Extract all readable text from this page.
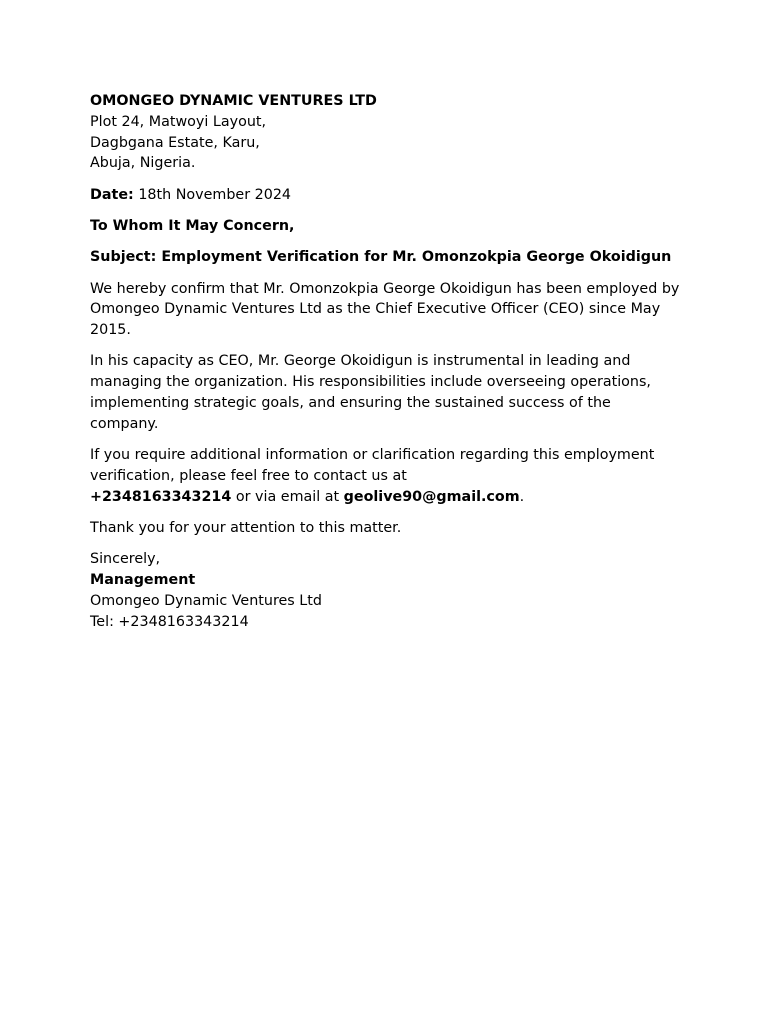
OMONGEO DYNAMIC VENTURES LTD
Plot 24, Matwoyi Layout,
Dagbgana Estate, Karu,
Abuja, Nigeria.

Date: 18th November 2024

To Whom It May Concern,

Subject: Employment Verification for Mr. Omonzokpia George Okoidigun

We hereby confirm that Mr. Omonzokpia George Okoidigun has been employed by Omongeo Dynamic Ventures Ltd as the Chief Executive Officer (CEO) since May 2015.

In his capacity as CEO, Mr. George Okoidigun is instrumental in leading and managing the organization. His responsibilities include overseeing operations, implementing strategic goals, and ensuring the sustained success of the company.

If you require additional information or clarification regarding this employment verification, please feel free to contact us at
+2348163343214 or via email at geolive90@gmail.com.

Thank you for your attention to this matter.

Sincerely,
Management
Omongeo Dynamic Ventures Ltd
Tel: +2348163343214
